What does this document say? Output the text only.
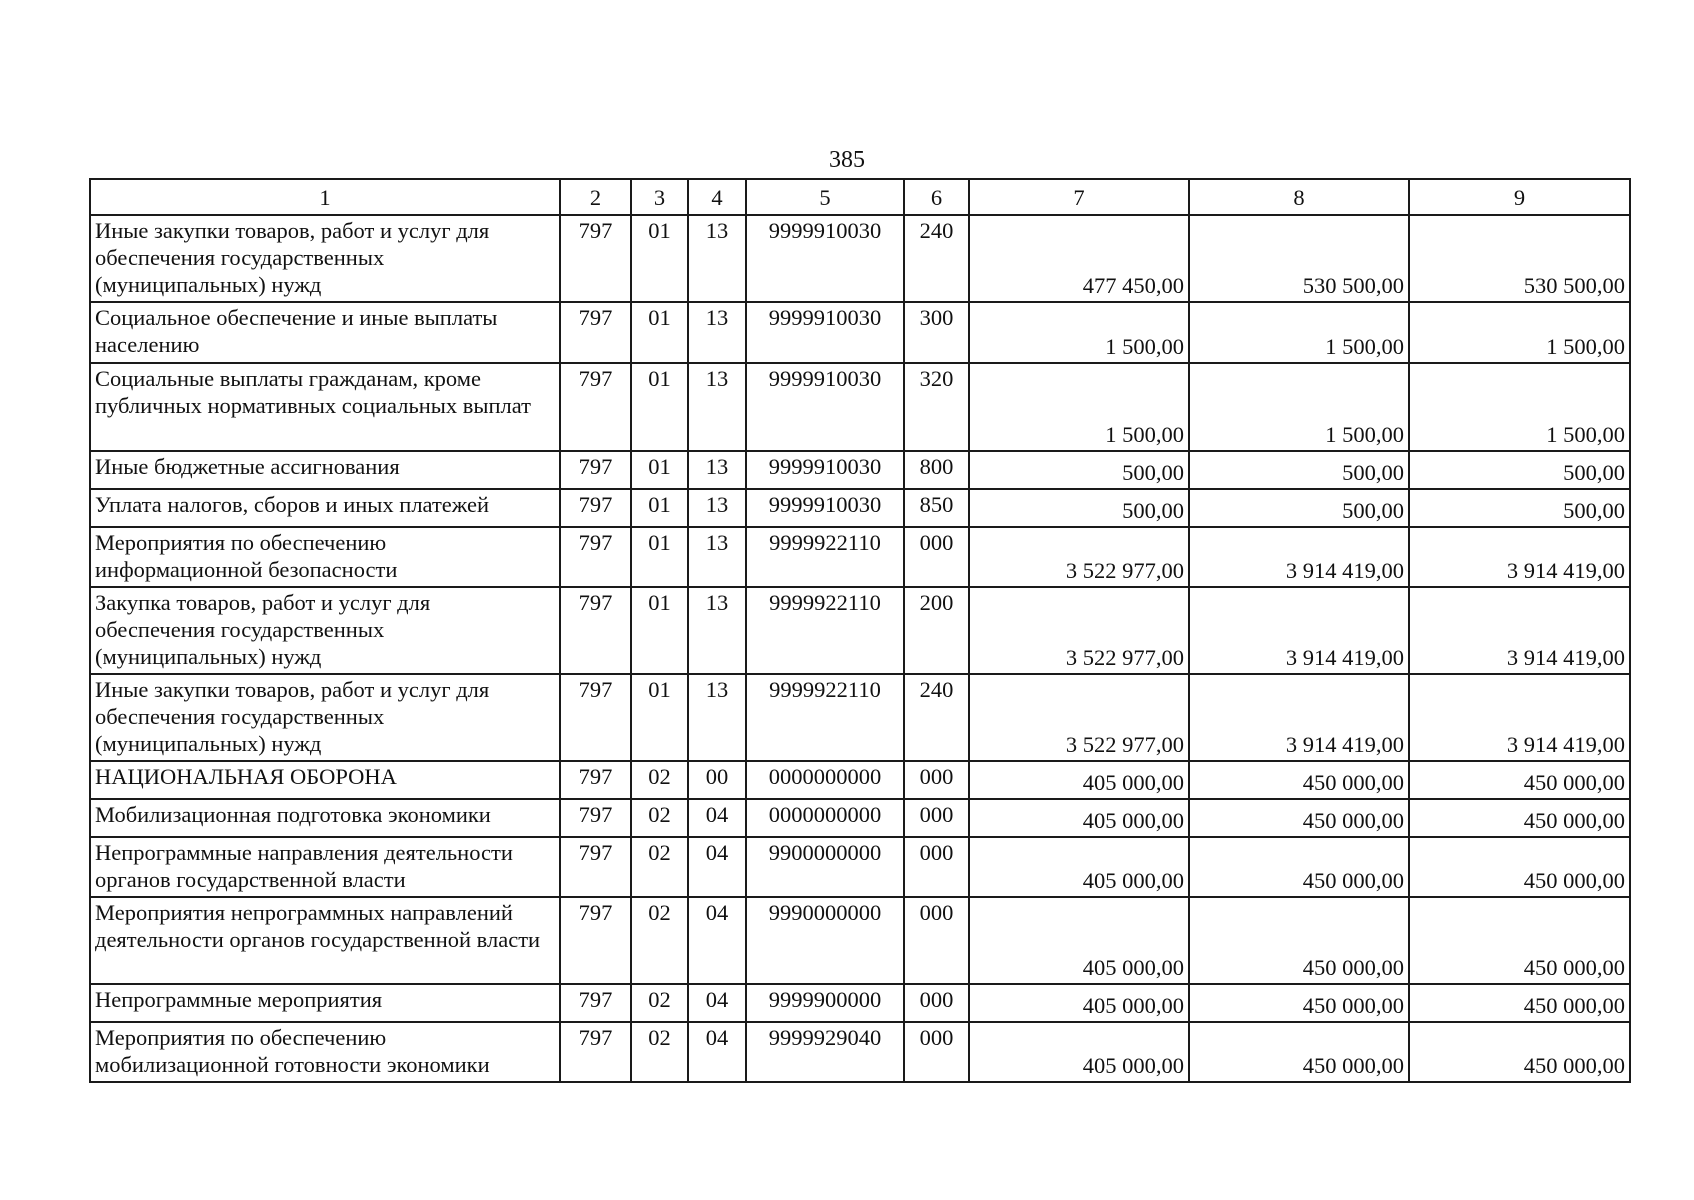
385
1	2	3	4	5	6	7	8	9
Иные закупки товаров, работ и услуг для обеспечения государственных (муниципальных) нужд	797	01	13	9999910030	240	477 450,00	530 500,00	530 500,00
Социальное обеспечение и иные выплаты населению	797	01	13	9999910030	300	1 500,00	1 500,00	1 500,00
Социальные выплаты гражданам, кроме публичных нормативных социальных выплат	797	01	13	9999910030	320	1 500,00	1 500,00	1 500,00
Иные бюджетные ассигнования	797	01	13	9999910030	800	500,00	500,00	500,00
Уплата налогов, сборов и иных платежей	797	01	13	9999910030	850	500,00	500,00	500,00
Мероприятия по обеспечению информационной безопасности	797	01	13	9999922110	000	3 522 977,00	3 914 419,00	3 914 419,00
Закупка товаров, работ и услуг для обеспечения государственных (муниципальных) нужд	797	01	13	9999922110	200	3 522 977,00	3 914 419,00	3 914 419,00
Иные закупки товаров, работ и услуг для обеспечения государственных (муниципальных) нужд	797	01	13	9999922110	240	3 522 977,00	3 914 419,00	3 914 419,00
НАЦИОНАЛЬНАЯ ОБОРОНА	797	02	00	0000000000	000	405 000,00	450 000,00	450 000,00
Мобилизационная подготовка экономики	797	02	04	0000000000	000	405 000,00	450 000,00	450 000,00
Непрограммные направления деятельности органов государственной власти	797	02	04	9900000000	000	405 000,00	450 000,00	450 000,00
Мероприятия непрограммных направлений деятельности органов государственной власти	797	02	04	9990000000	000	405 000,00	450 000,00	450 000,00
Непрограммные мероприятия	797	02	04	9999900000	000	405 000,00	450 000,00	450 000,00
Мероприятия по обеспечению мобилизационной готовности экономики	797	02	04	9999929040	000	405 000,00	450 000,00	450 000,00
